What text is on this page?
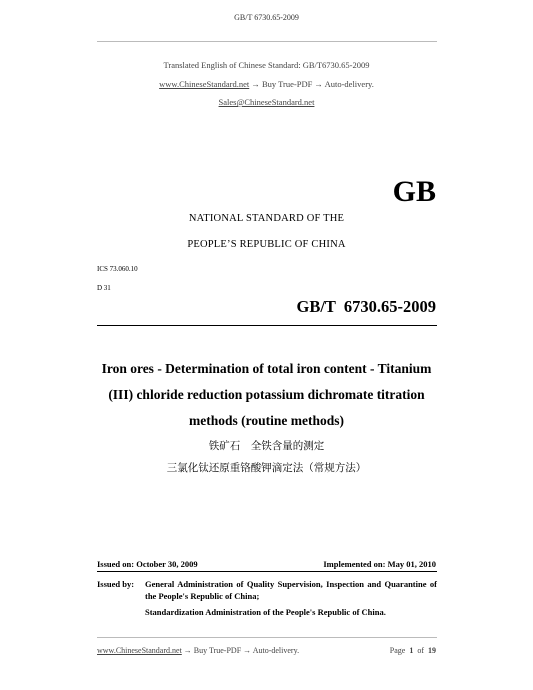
GB/T 6730.65-2009
Translated English of Chinese Standard: GB/T6730.65-2009
www.ChineseStandard.net → Buy True-PDF → Auto-delivery.
Sales@ChineseStandard.net
GB
NATIONAL STANDARD OF THE
PEOPLE’S REPUBLIC OF CHINA
ICS 73.060.10
D 31
GB/T  6730.65-2009
Iron ores - Determination of total iron content - Titanium
(III) chloride reduction potassium dichromate titration
methods (routine methods)
铁矿石　全铁含量的测定
三氯化钛还原重铬酸钾滴定法（常规方法）
Issued on: October 30, 2009	Implemented on: May 01, 2010
Issued by:	General Administration of Quality Supervision, Inspection and Quarantine of the People's Republic of China;
Standardization Administration of the People's Republic of China.
www.ChineseStandard.net → Buy True-PDF → Auto-delivery.	Page 1 of 19
